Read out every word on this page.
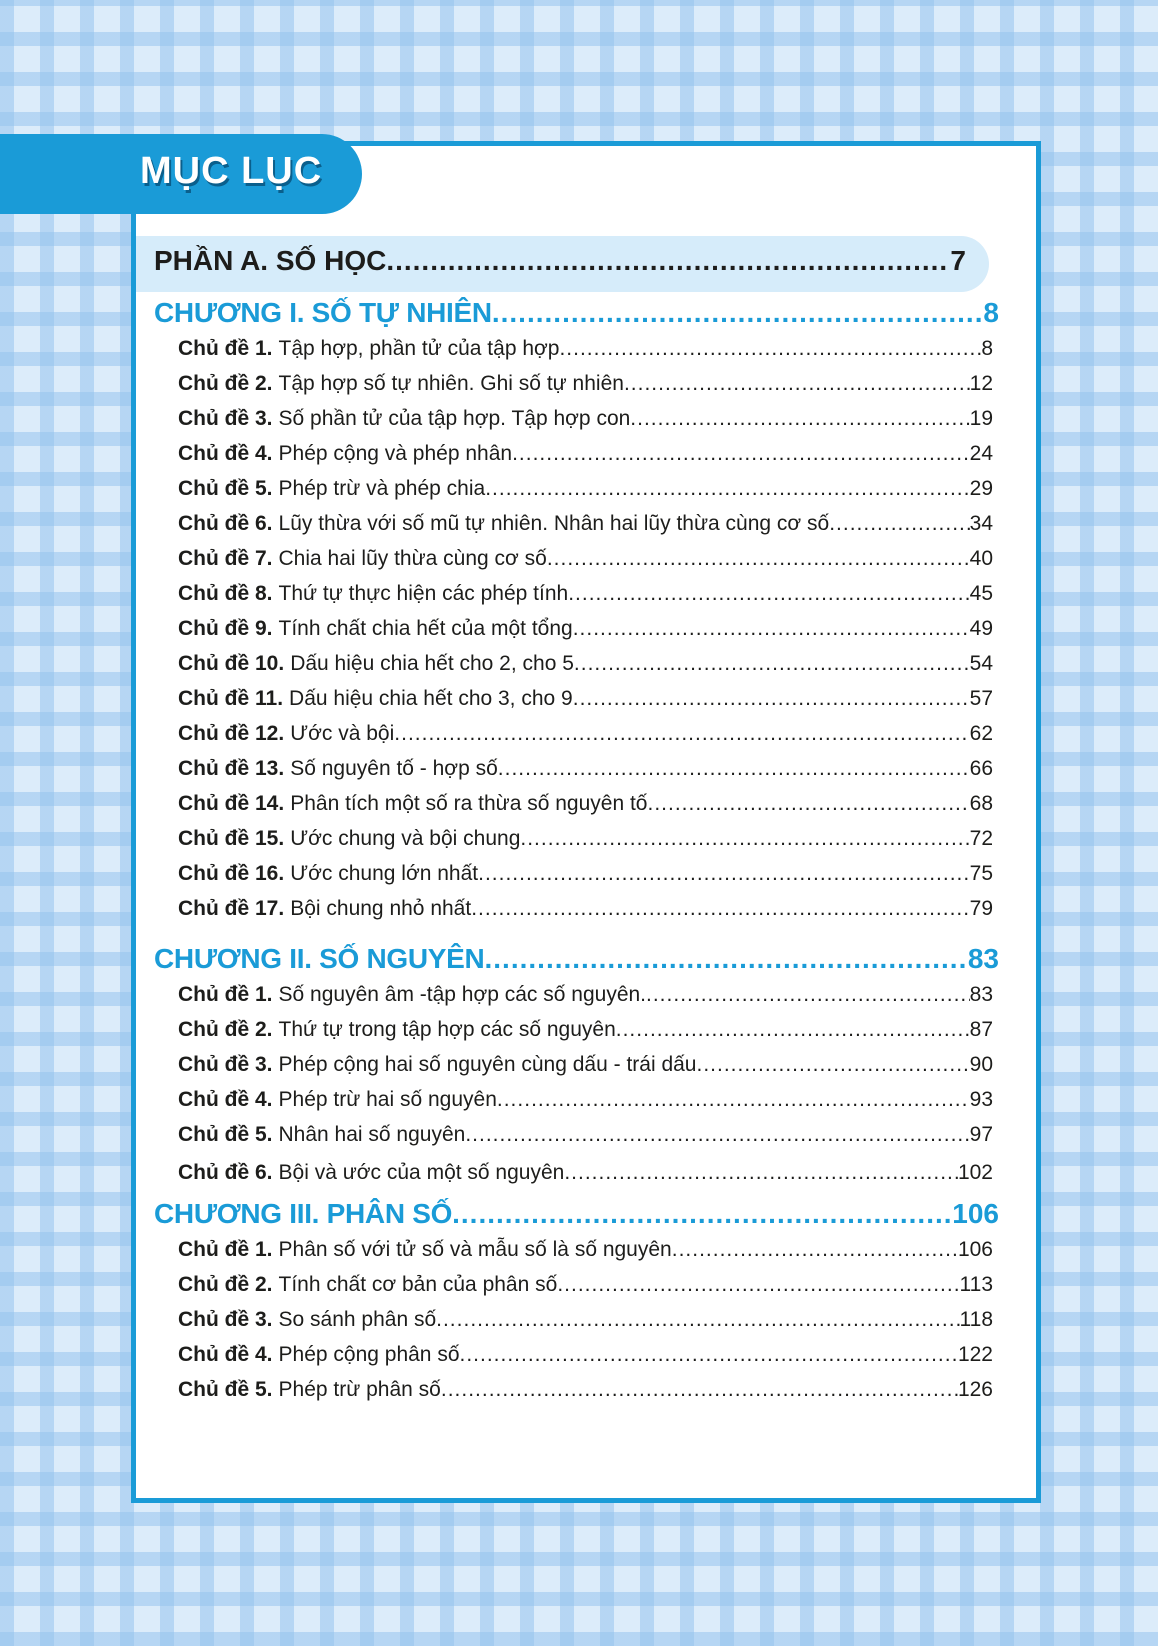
MỤC LỤC
PHẦN A. SỐ HỌC .....	7
CHƯƠNG I. SỐ TỰ NHIÊN .....	8
Chủ đề 1. Tập hợp, phần tử của tập hợp .....	8
Chủ đề 2. Tập hợp số tự nhiên. Ghi số tự nhiên .....	12
Chủ đề 3. Số phần tử của tập hợp. Tập hợp con .....	19
Chủ đề 4. Phép cộng và phép nhân .....	24
Chủ đề 5. Phép trừ và phép chia .....	29
Chủ đề 6. Lũy thừa với số mũ tự nhiên. Nhân hai lũy thừa cùng cơ số .....	34
Chủ đề 7. Chia hai lũy thừa cùng cơ số .....	40
Chủ đề 8. Thứ tự thực hiện các phép tính .....	45
Chủ đề 9. Tính chất chia hết của một tổng .....	49
Chủ đề 10. Dấu hiệu chia hết cho 2, cho 5 .....	54
Chủ đề 11. Dấu hiệu chia hết cho 3, cho 9 .....	57
Chủ đề 12. Ước và bội .....	62
Chủ đề 13. Số nguyên tố - hợp số .....	66
Chủ đề 14. Phân tích một số ra thừa số nguyên tố .....	68
Chủ đề 15. Ước chung và bội chung .....	72
Chủ đề 16. Ước chung lớn nhất .....	75
Chủ đề 17. Bội chung nhỏ nhất .....	79
CHƯƠNG II. SỐ NGUYÊN .....	83
Chủ đề 1. Số nguyên âm -tập hợp các số nguyên. .....	83
Chủ đề 2. Thứ tự trong tập hợp các số nguyên .....	87
Chủ đề 3. Phép cộng hai số nguyên cùng dấu - trái dấu .....	90
Chủ đề 4. Phép trừ hai số nguyên .....	93
Chủ đề 5. Nhân hai số nguyên .....	97
Chủ đề 6. Bội và ước của một số nguyên .....	102
CHƯƠNG III. PHÂN SỐ .....	106
Chủ đề 1. Phân số với tử số và mẫu số là số nguyên .....	106
Chủ đề 2. Tính chất cơ bản của phân số .....	113
Chủ đề 3. So sánh phân số .....	118
Chủ đề 4. Phép cộng phân số .....	122
Chủ đề 5. Phép trừ phân số .....	126
